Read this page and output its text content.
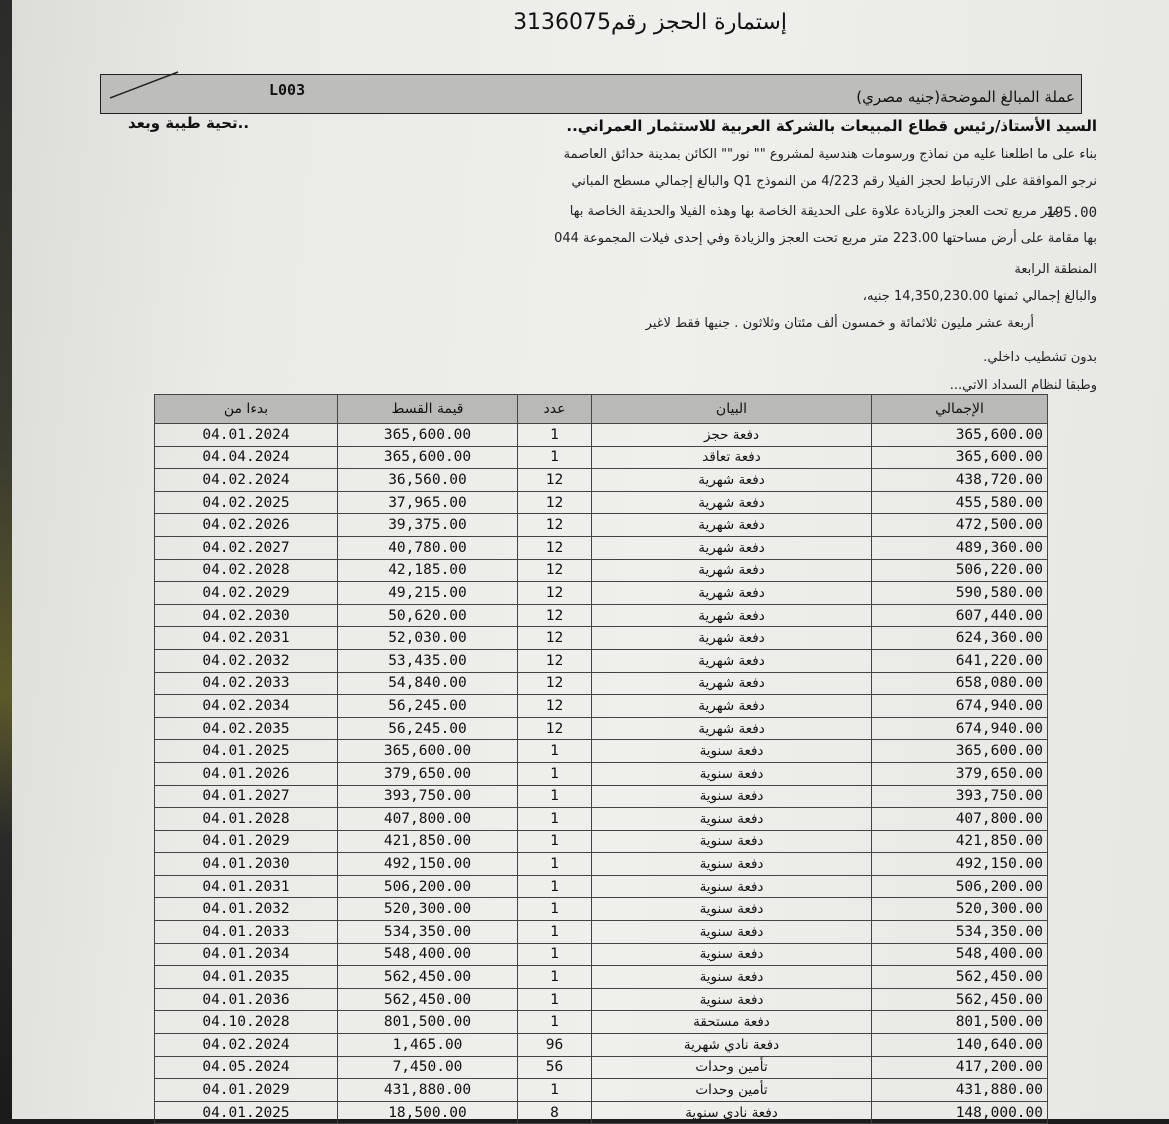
إستمارة الحجز رقم3136075
L003	عملة المبالغ الموضحة(جنيه مصري)
السيد الأستاذ/رئيس قطاع المبيعات بالشركة العربية للاستثمار العمراني..
تحية طيبة وبعد..
بناء على ما اطلعنا عليه من نماذج ورسومات هندسية لمشروع "" نور"" الكائن بمدينة حدائق العاصمة
نرجو الموافقة على الارتباط لحجز الفيلا رقم 4/223 من النموذج Q1 والبالغ إجمالي مسطح المباني
متر مربع تحت العجز والزيادة علاوة على الحديقة الخاصة بها وهذه الفيلا والحديقة الخاصة بها
195.00
بها مقامة على أرض مساحتها 223.00 متر مربع تحت العجز والزيادة وفي إحدى فيلات المجموعة 044
المنطقة الرابعة
والبالغ إجمالي ثمنها 14,350,230.00 جنيه،
أربعة عشر مليون ثلاثمائة و خمسون ألف مئتان وثلاثون . جنيها فقط لاغير
بدون تشطيب داخلي.
وطبقا لنظام السداد الاتي...
بدءا من	قيمة القسط	عدد	البيان	الإجمالي
04.01.2024	365,600.00	1	دفعة حجز	365,600.00
04.04.2024	365,600.00	1	دفعة تعاقد	365,600.00
04.02.2024	36,560.00	12	دفعة شهرية	438,720.00
04.02.2025	37,965.00	12	دفعة شهرية	455,580.00
04.02.2026	39,375.00	12	دفعة شهرية	472,500.00
04.02.2027	40,780.00	12	دفعة شهرية	489,360.00
04.02.2028	42,185.00	12	دفعة شهرية	506,220.00
04.02.2029	49,215.00	12	دفعة شهرية	590,580.00
04.02.2030	50,620.00	12	دفعة شهرية	607,440.00
04.02.2031	52,030.00	12	دفعة شهرية	624,360.00
04.02.2032	53,435.00	12	دفعة شهرية	641,220.00
04.02.2033	54,840.00	12	دفعة شهرية	658,080.00
04.02.2034	56,245.00	12	دفعة شهرية	674,940.00
04.02.2035	56,245.00	12	دفعة شهرية	674,940.00
04.01.2025	365,600.00	1	دفعة سنوية	365,600.00
04.01.2026	379,650.00	1	دفعة سنوية	379,650.00
04.01.2027	393,750.00	1	دفعة سنوية	393,750.00
04.01.2028	407,800.00	1	دفعة سنوية	407,800.00
04.01.2029	421,850.00	1	دفعة سنوية	421,850.00
04.01.2030	492,150.00	1	دفعة سنوية	492,150.00
04.01.2031	506,200.00	1	دفعة سنوية	506,200.00
04.01.2032	520,300.00	1	دفعة سنوية	520,300.00
04.01.2033	534,350.00	1	دفعة سنوية	534,350.00
04.01.2034	548,400.00	1	دفعة سنوية	548,400.00
04.01.2035	562,450.00	1	دفعة سنوية	562,450.00
04.01.2036	562,450.00	1	دفعة سنوية	562,450.00
04.10.2028	801,500.00	1	دفعة مستحقة	801,500.00
04.02.2024	1,465.00	96	دفعة نادي شهرية	140,640.00
04.05.2024	7,450.00	56	تأمين وحدات	417,200.00
04.01.2029	431,880.00	1	تأمين وحدات	431,880.00
04.01.2025	18,500.00	8	دفعة نادي سنوية	148,000.00
